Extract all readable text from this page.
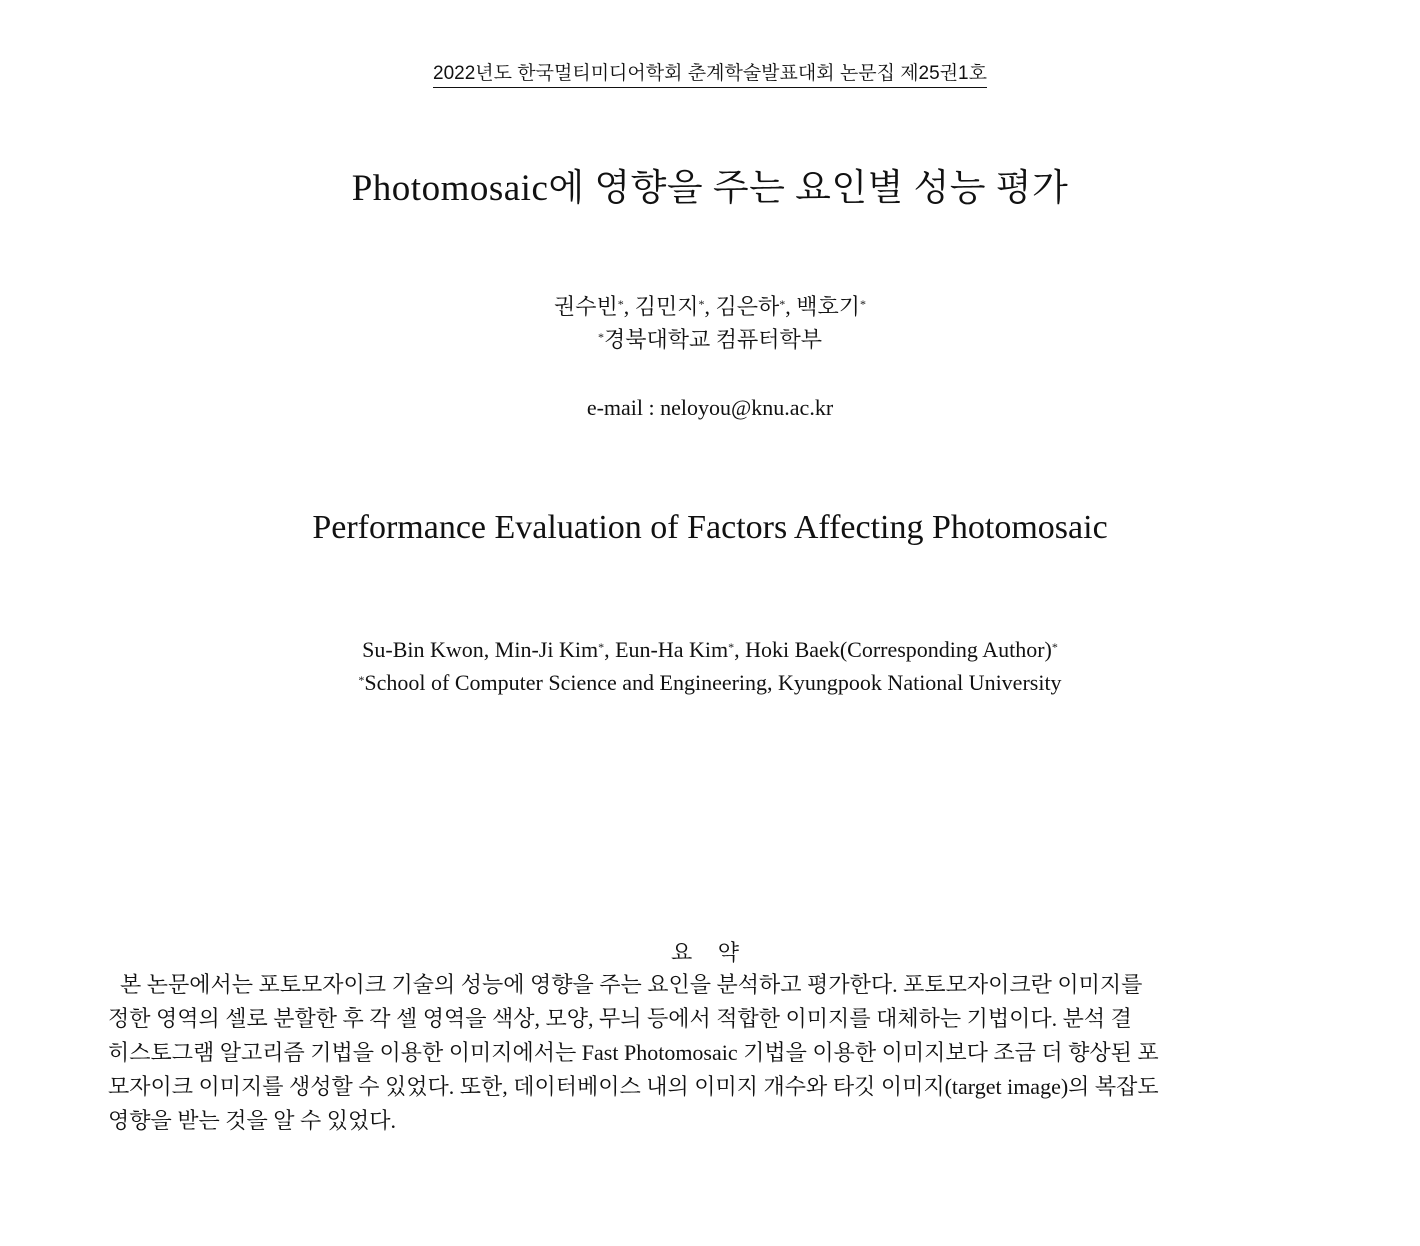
2022년도 한국멀티미디어학회 춘계학술발표대회 논문집 제25권1호
Photomosaic에 영향을 주는 요인별 성능 평가
권수빈*, 김민지*, 김은하*, 백호기*
*경북대학교 컴퓨터학부
e-mail : neloyou@knu.ac.kr
Performance Evaluation of Factors Affecting Photomosaic
Su-Bin Kwon, Min-Ji Kim*, Eun-Ha Kim*, Hoki Baek(Corresponding Author)*
*School of Computer Science and Engineering, Kyungpook National University
요 약
본 논문에서는 포토모자이크 기술의 성능에 영향을 주는 요인을 분석하고 평가한다. 포토모자이크란 이미지를
정한 영역의 셀로 분할한 후 각 셀 영역을 색상, 모양, 무늬 등에서 적합한 이미지를 대체하는 기법이다. 분석 결
히스토그램 알고리즘 기법을 이용한 이미지에서는 Fast Photomosaic 기법을 이용한 이미지보다 조금 더 향상된 포
모자이크 이미지를 생성할 수 있었다. 또한, 데이터베이스 내의 이미지 개수와 타깃 이미지(target image)의 복잡도
영향을 받는 것을 알 수 있었다.
